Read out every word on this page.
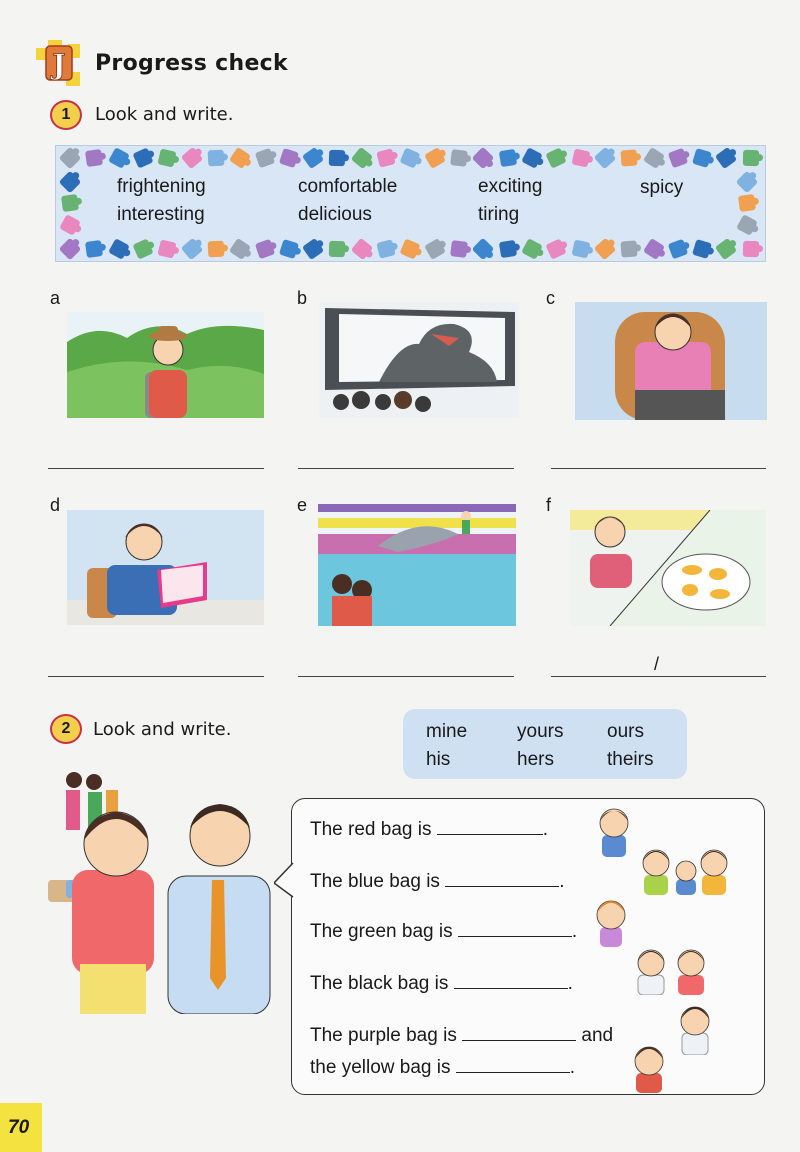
J Progress check
1	Look and write.
frightening	comfortable	exciting	spicy
interesting	delicious	tiring
a	b	c
d	e	f
/
2	Look and write.	mine	yours ours
his	hers	theirs
The red bag is	.
The blue bag is	.
The green bag is	.
The black bag is	.
The purple bag is	and
the yellow bag is	.
70
